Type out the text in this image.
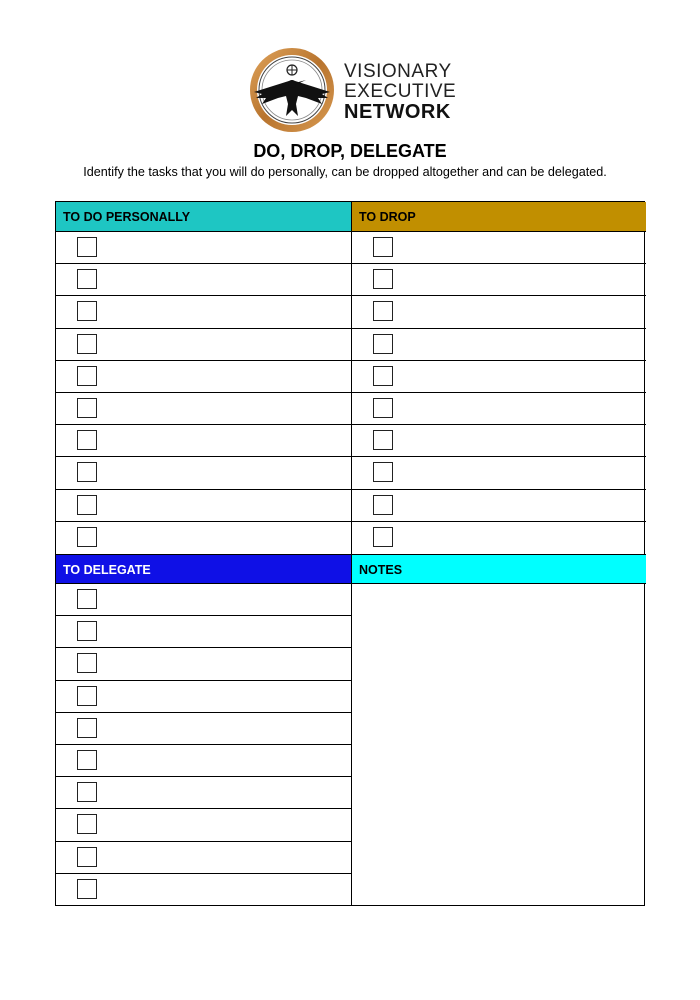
VISIONARY
EXECUTIVE
NETWORK
DO, DROP, DELEGATE
Identify the tasks that you will do personally, can be dropped altogether and can be delegated.
TO DO PERSONALLY	TO DROP
TO DELEGATE	NOTES
